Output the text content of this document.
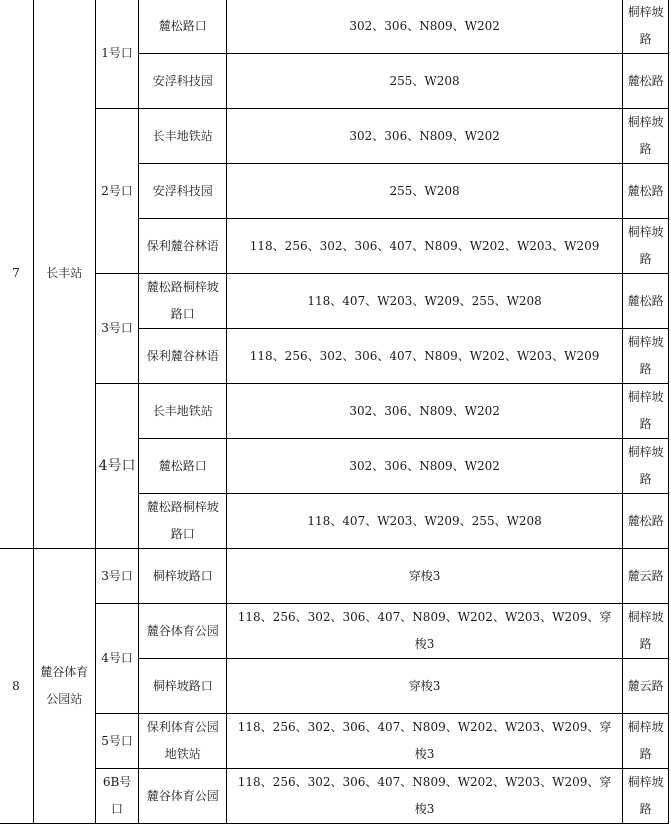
7	长丰站	1号口	麓松路口	302、306、N809、W202	桐梓坡路
			安浮科技园	255、W208	麓松路
		2号口	长丰地铁站	302、306、N809、W202	桐梓坡路
			安浮科技园	255、W208	麓松路
			保利麓谷林语	118、256、302、306、407、N809、W202、W203、W209	桐梓坡路
		3号口	麓松路桐梓坡路口	118、407、W203、W209、255、W208	麓松路
			保利麓谷林语	118、256、302、306、407、N809、W202、W203、W209	桐梓坡路
		4号口	长丰地铁站	302、306、N809、W202	桐梓坡路
			麓松路口	302、306、N809、W202	桐梓坡路
			麓松路桐梓坡路口	118、407、W203、W209、255、W208	麓松路
8	麓谷体育公园站	3号口	桐梓坡路口	穿梭3	麓云路
		4号口	麓谷体育公园	118、256、302、306、407、N809、W202、W203、W209、穿梭3	桐梓坡路
			桐梓坡路口	穿梭3	麓云路
		5号口	保利体育公园地铁站	118、256、302、306、407、N809、W202、W203、W209、穿梭3	桐梓坡路
		6B号口	麓谷体育公园	118、256、302、306、407、N809、W202、W203、W209、穿梭3	桐梓坡路
